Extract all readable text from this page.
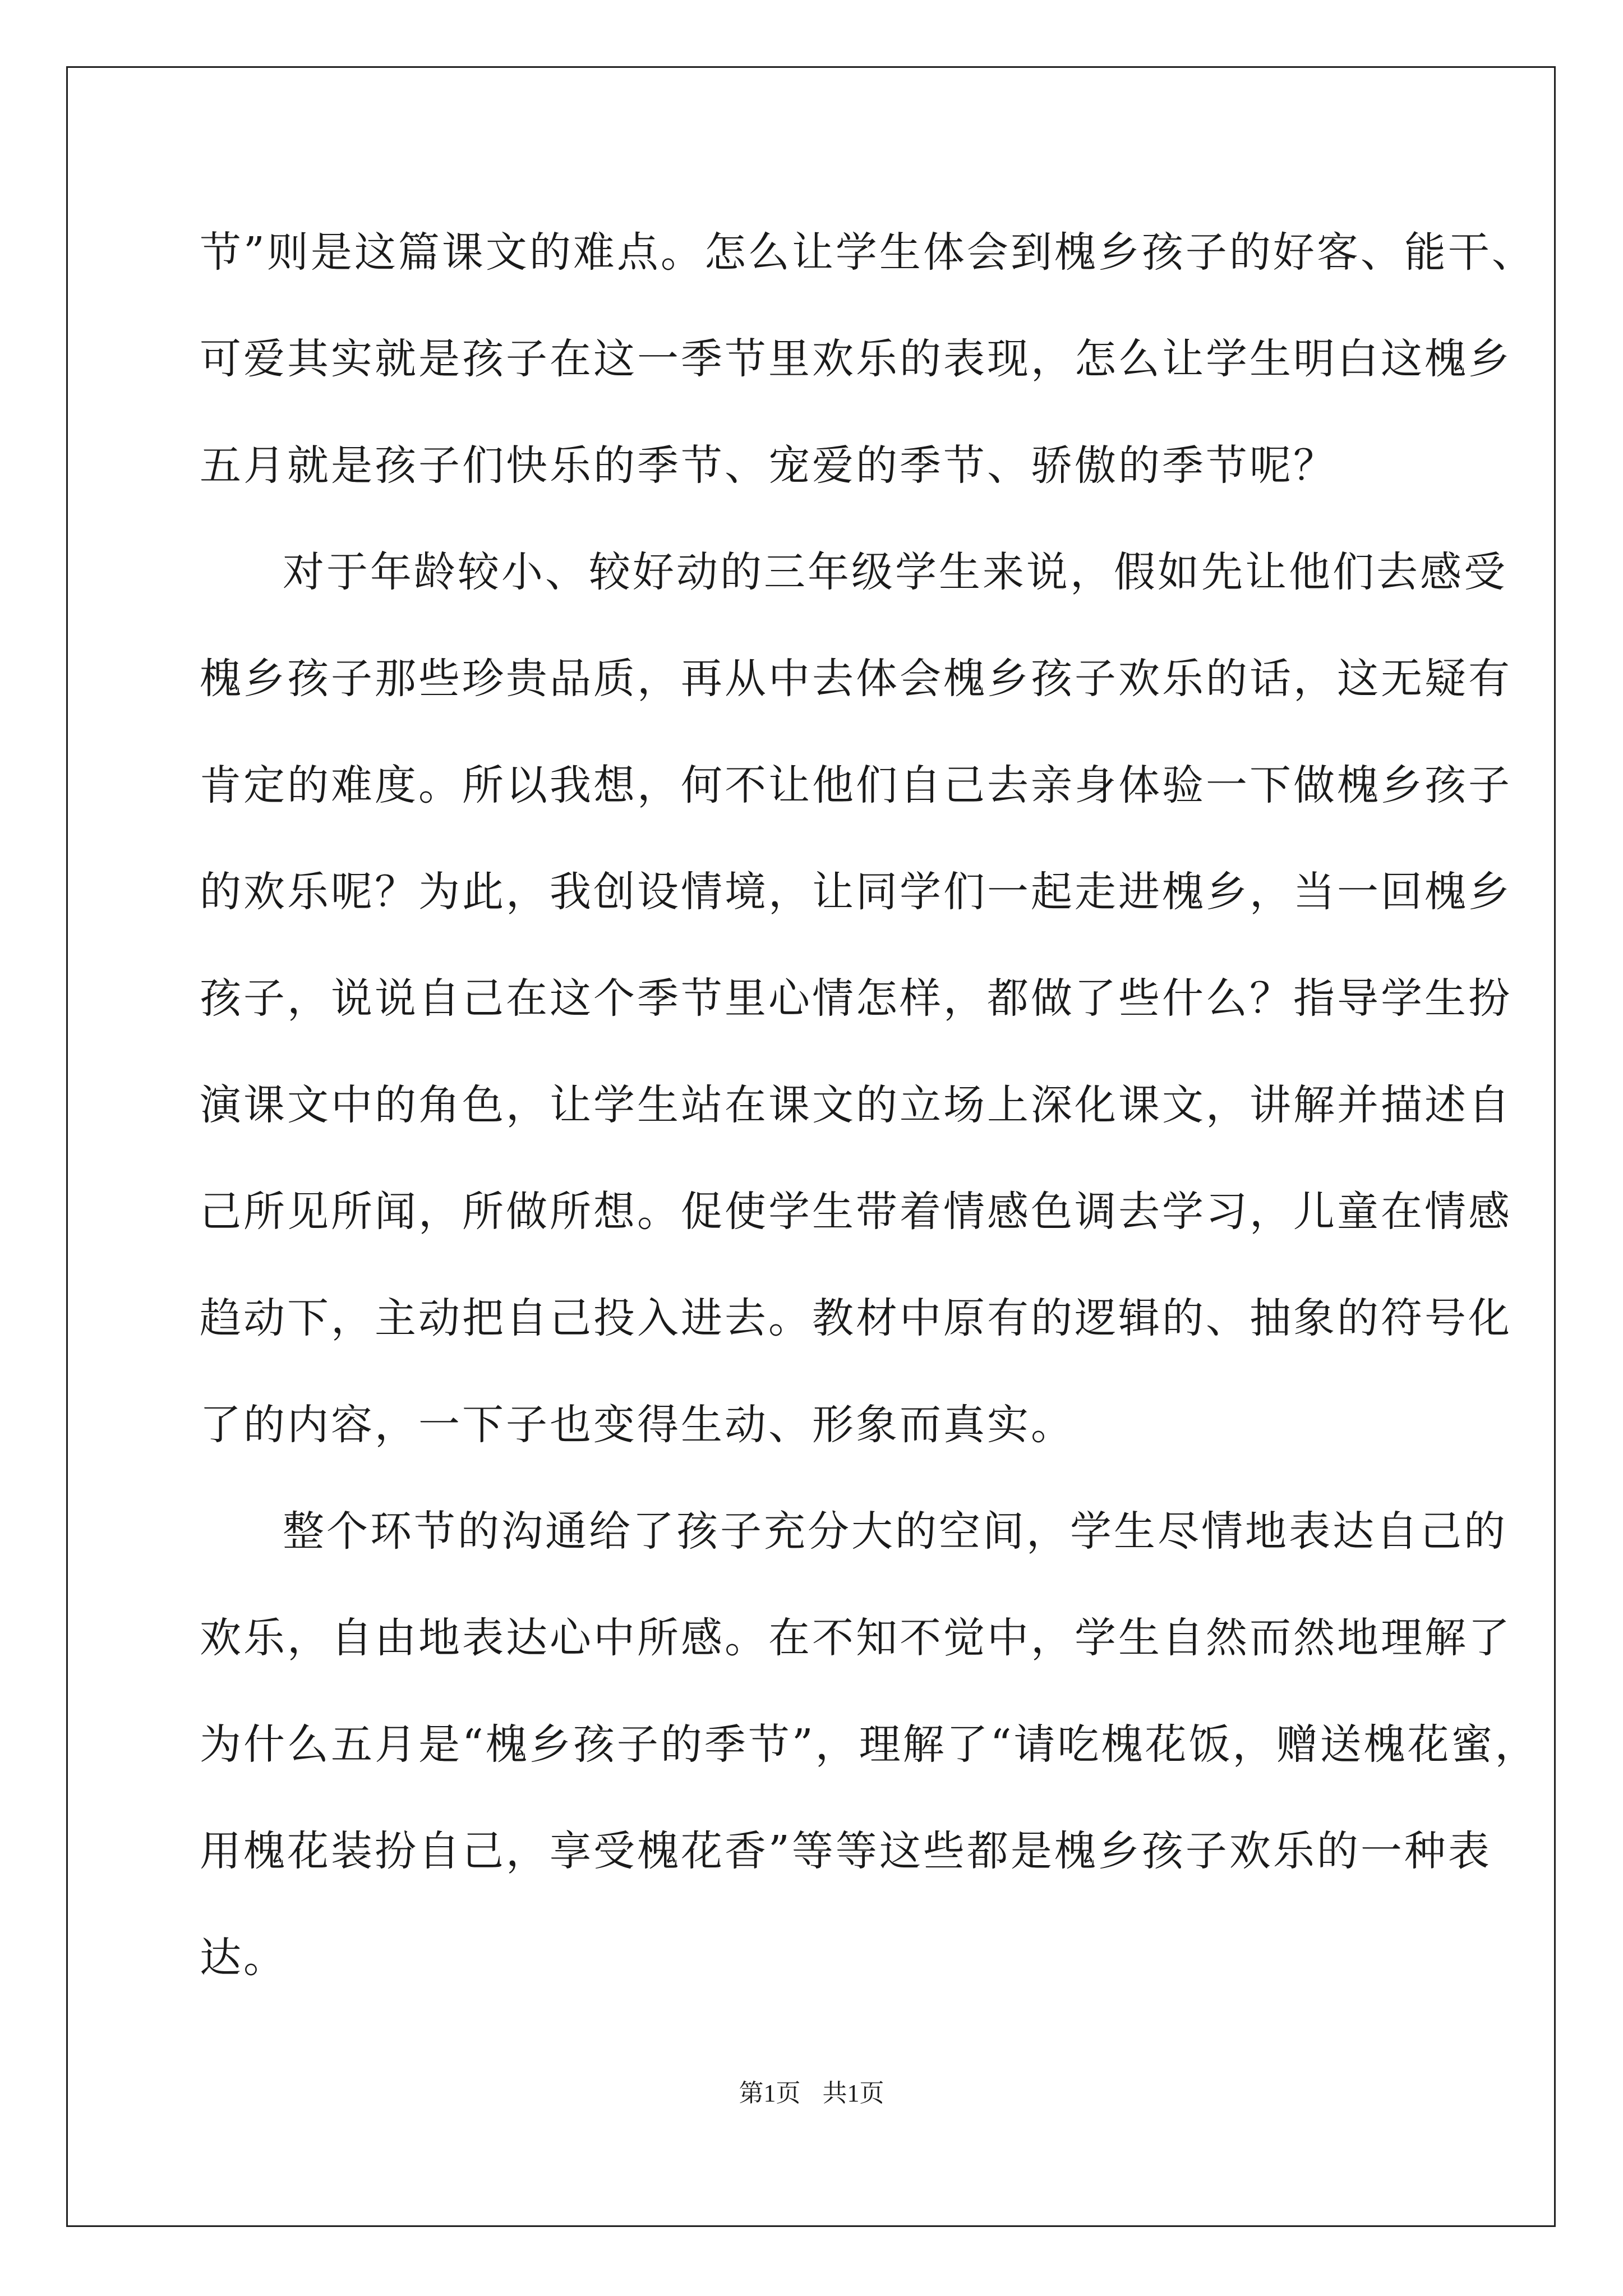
节”则是这篇课文的难点。怎么让学生体会到槐乡孩子的好客、能干、
可爱其实就是孩子在这一季节里欢乐的表现，怎么让学生明白这槐乡
五月就是孩子们快乐的季节、宠爱的季节、骄傲的季节呢？
对于年龄较小、较好动的三年级学生来说，假如先让他们去感受
槐乡孩子那些珍贵品质，再从中去体会槐乡孩子欢乐的话，这无疑有
肯定的难度。所以我想，何不让他们自己去亲身体验一下做槐乡孩子
的欢乐呢？为此，我创设情境，让同学们一起走进槐乡，当一回槐乡
孩子，说说自己在这个季节里心情怎样，都做了些什么？指导学生扮
演课文中的角色，让学生站在课文的立场上深化课文，讲解并描述自
己所见所闻，所做所想。促使学生带着情感色调去学习，儿童在情感
趋动下，主动把自己投入进去。教材中原有的逻辑的、抽象的符号化
了的内容，一下子也变得生动、形象而真实。
整个环节的沟通给了孩子充分大的空间，学生尽情地表达自己的
欢乐，自由地表达心中所感。在不知不觉中，学生自然而然地理解了
为什么五月是“槐乡孩子的季节”，理解了“请吃槐花饭，赠送槐花蜜，
用槐花装扮自己，享受槐花香”等等这些都是槐乡孩子欢乐的一种表
达。
第1页 共1页
